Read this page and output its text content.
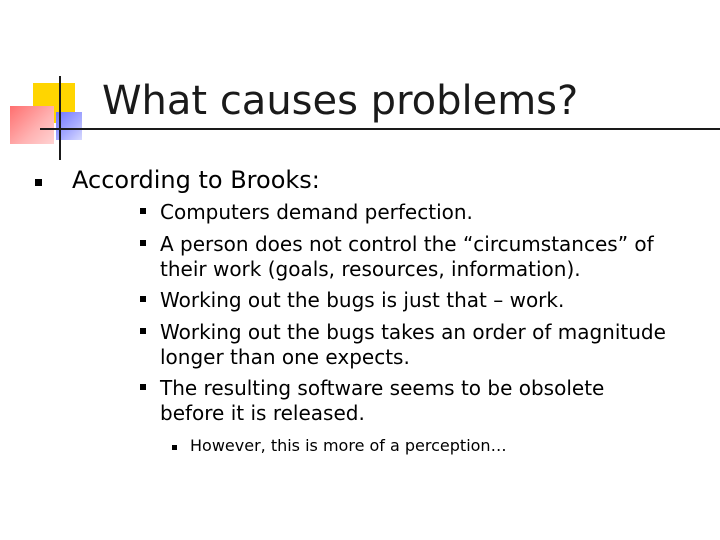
What causes problems?
According to Brooks:
Computers demand perfection.
A person does not control the “circumstances” of
their work (goals, resources, information).
Working out the bugs is just that – work.
Working out the bugs takes an order of magnitude
longer than one expects.
The resulting software seems to be obsolete
before it is released.
However, this is more of a perception…
